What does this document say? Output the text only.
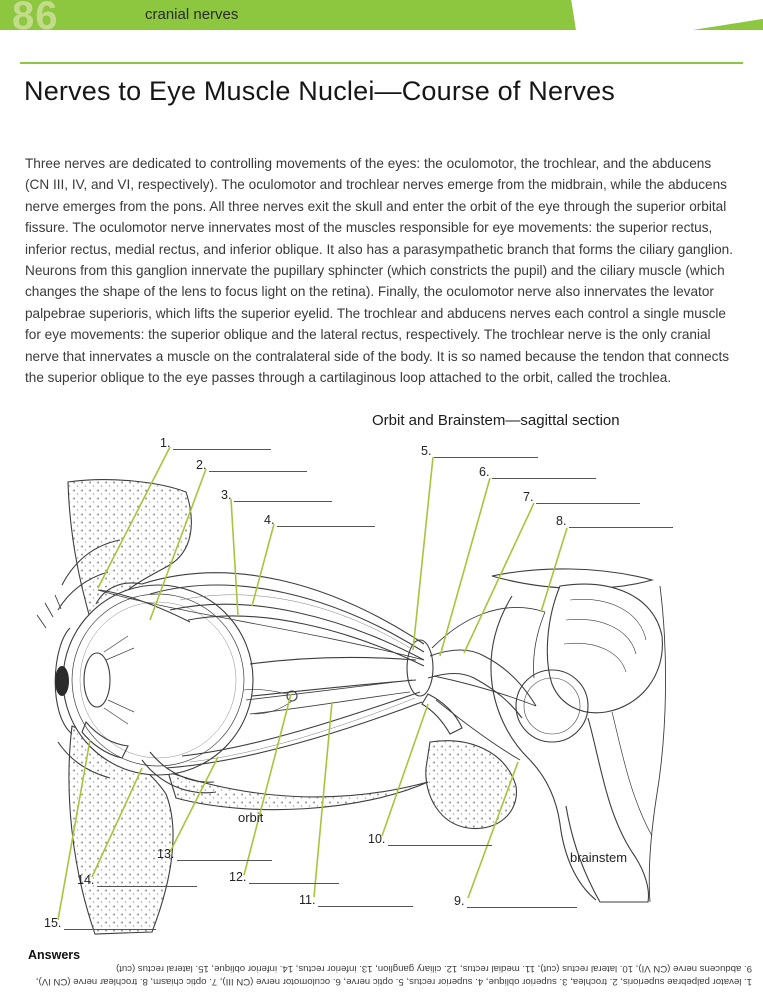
86	cranial nerves
Nerves to Eye Muscle Nuclei—Course of Nerves

Three nerves are dedicated to controlling movements of the eyes: the oculomotor, the trochlear, and the abducens (CN III, IV, and VI, respectively). The oculomotor and trochlear nerves emerge from the midbrain, while the abducens nerve emerges from the pons. All three nerves exit the skull and enter the orbit of the eye through the superior orbital fissure. The oculomotor nerve innervates most of the muscles responsible for eye movements: the superior rectus, inferior rectus, medial rectus, and inferior oblique. It also has a parasympathetic branch that forms the ciliary ganglion. Neurons from this ganglion innervate the pupillary sphincter (which constricts the pupil) and the ciliary muscle (which changes the shape of the lens to focus light on the retina). Finally, the oculomotor nerve also innervates the levator palpebrae superioris, which lifts the superior eyelid. The trochlear and abducens nerves each control a single muscle for eye movements: the superior oblique and the lateral rectus, respectively. The trochlear nerve is the only cranial nerve that innervates a muscle on the contralateral side of the body. It is so named because the tendon that connects the superior oblique to the eye passes through a cartilaginous loop attached to the orbit, called the trochlea.

Orbit and Brainstem—sagittal section
1.
2.
3.
4.
5.
6.
7.
8.
9.
10.
11.
12.
13.
14.
15.
orbit
brainstem
Answers
1. levator palpebrae superioris, 2. trochlea, 3. superior oblique, 4. superior rectus, 5. optic nerve, 6. oculomotor nerve (CN III), 7. optic chiasm, 8. trochlear nerve (CN IV),
9. abducens nerve (CN VI), 10. lateral rectus (cut), 11. medial rectus, 12. ciliary ganglion, 13. inferior rectus, 14. inferior oblique, 15. lateral rectus (cut)
